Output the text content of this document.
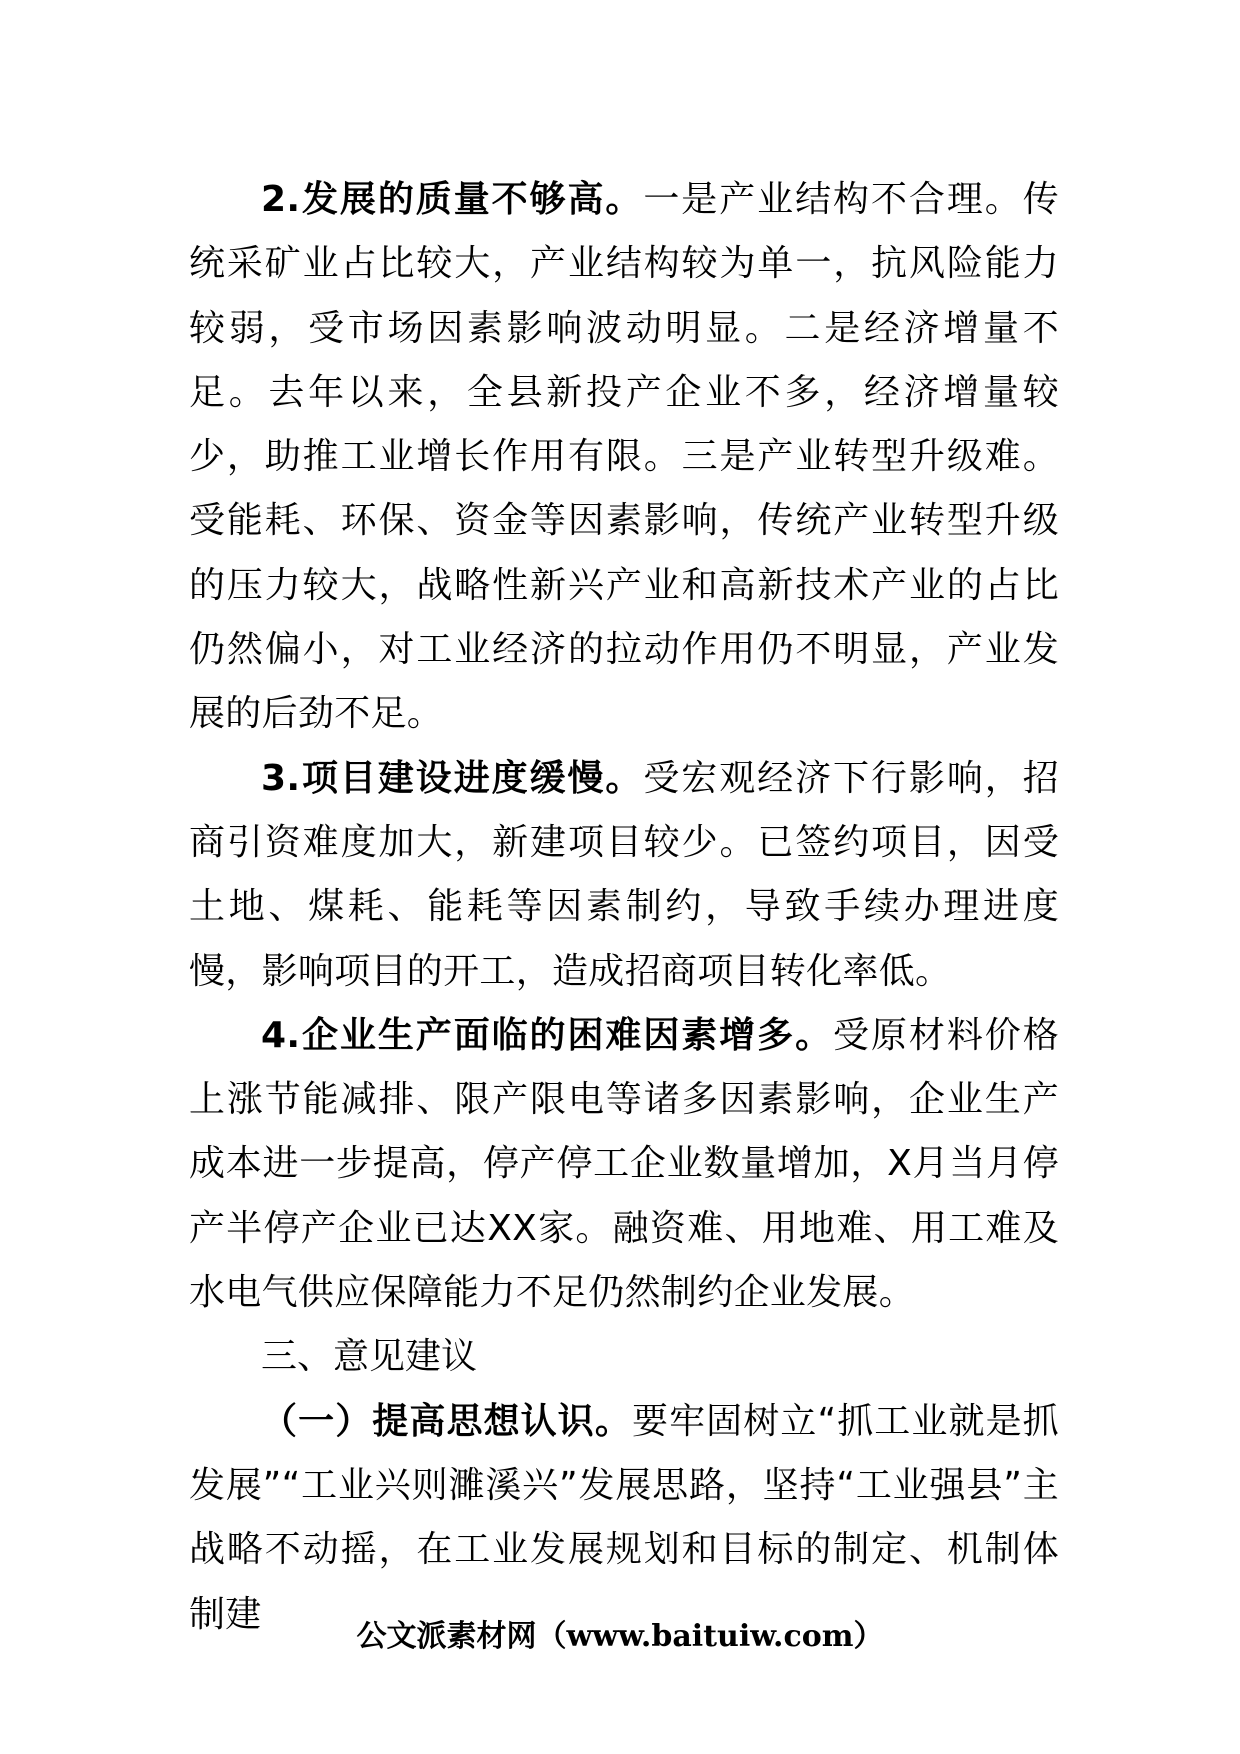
2.发展的质量不够高。一是产业结构不合理。传统采矿业占比较大，产业结构较为单一，抗风险能力较弱，受市场因素影响波动明显。二是经济增量不足。去年以来，全县新投产企业不多，经济增量较少，助推工业增长作用有限。三是产业转型升级难。受能耗、环保、资金等因素影响，传统产业转型升级的压力较大，战略性新兴产业和高新技术产业的占比仍然偏小，对工业经济的拉动作用仍不明显，产业发展的后劲不足。

3.项目建设进度缓慢。受宏观经济下行影响，招商引资难度加大，新建项目较少。已签约项目，因受土地、煤耗、能耗等因素制约，导致手续办理进度慢，影响项目的开工，造成招商项目转化率低。

4.企业生产面临的困难因素增多。受原材料价格上涨节能减排、限产限电等诸多因素影响，企业生产成本进一步提高，停产停工企业数量增加，X月当月停产半停产企业已达XX家。融资难、用地难、用工难及水电气供应保障能力不足仍然制约企业发展。

三、意见建议

（一）提高思想认识。要牢固树立“抓工业就是抓发展”“工业兴则濉溪兴”发展思路，坚持“工业强县”主战略不动摇，在工业发展规划和目标的制定、机制体制建

公文派素材网（www.baituiw.com）
